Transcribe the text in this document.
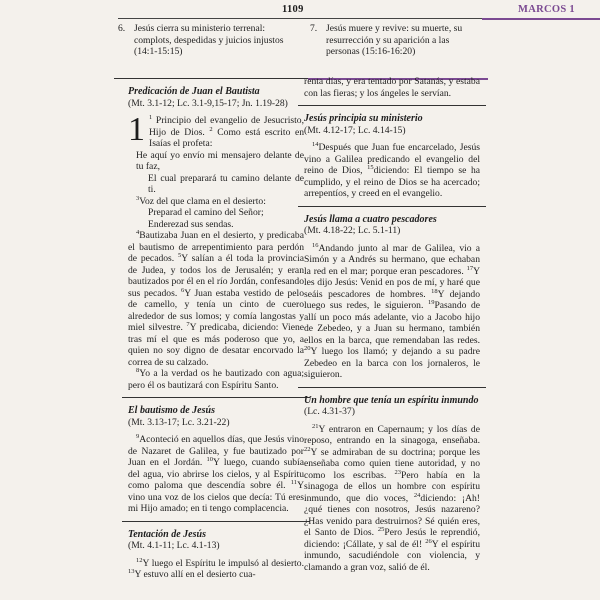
1109	MARCOS 1
6. Jesús cierra su ministerio terrenal: complots, despedidas y juicios injustos (14:1-15:15)
7. Jesús muere y revive: su muerte, su resurrección y su aparición a las personas (15:16-16:20)
Predicación de Juan el Bautista
(Mt. 3.1-12; Lc. 3.1-9,15-17; Jn. 1.19-28)

1 $^1$ Principio del evangelio de Jesucristo, Hijo de Dios. $^2$ Como está escrito en Isaías el profeta:

He aquí yo envío mi mensajero delante de tu faz,

El cual preparará tu camino delante de ti.

$^3$Voz del que clama en el desierto:

Preparad el camino del Señor;

Enderezad sus sendas.

$^4$Bautizaba Juan en el desierto, y predicaba el bautismo de arrepentimiento para perdón de pecados. $^5$Y salían a él toda la provincia de Judea, y todos los de Jerusalén; y eran bautizados por él en el río Jordán, confesando sus pecados. $^6$Y Juan estaba vestido de pelo de camello, y tenía un cinto de cuero alrededor de sus lomos; y comía langostas y miel silvestre. $^7$Y predicaba, diciendo: Viene tras mí el que es más poderoso que yo, a quien no soy digno de desatar encorvado la correa de su calzado.

$^8$Yo a la verdad os he bautizado con agua; pero él os bautizará con Espíritu Santo.

El bautismo de Jesús
(Mt. 3.13-17; Lc. 3.21-22)

$^9$Aconteció en aquellos días, que Jesús vino de Nazaret de Galilea, y fue bautizado por Juan en el Jordán. $^{10}$Y luego, cuando subía del agua, vio abrirse los cielos, y al Espíritu como paloma que descendía sobre él. $^{11}$Y vino una voz de los cielos que decía: Tú eres mi Hijo amado; en ti tengo complacencia.

Tentación de Jesús
(Mt. 4.1-11; Lc. 4.1-13)

$^{12}$Y luego el Espíritu le impulsó al desierto. $^{13}$Y estuvo allí en el desierto cua-

renta días, y era tentado por Satanás, y estaba con las fieras; y los ángeles le servían.

Jesús principia su ministerio
(Mt. 4.12-17; Lc. 4.14-15)

$^{14}$Después que Juan fue encarcelado, Jesús vino a Galilea predicando el evangelio del reino de Dios, $^{15}$diciendo: El tiempo se ha cumplido, y el reino de Dios se ha acercado; arrepentíos, y creed en el evangelio.

Jesús llama a cuatro pescadores
(Mt. 4.18-22; Lc. 5.1-11)

$^{16}$Andando junto al mar de Galilea, vio a Simón y a Andrés su hermano, que echaban la red en el mar; porque eran pescadores. $^{17}$Y les dijo Jesús: Venid en pos de mí, y haré que seáis pescadores de hombres. $^{18}$Y dejando luego sus redes, le siguieron. $^{19}$Pasando de allí un poco más adelante, vio a Jacobo hijo de Zebedeo, y a Juan su hermano, también ellos en la barca, que remendaban las redes. $^{20}$Y luego los llamó; y dejando a su padre Zebedeo en la barca con los jornaleros, le siguieron.

Un hombre que tenía un espíritu inmundo
(Lc. 4.31-37)

$^{21}$Y entraron en Capernaum; y los días de reposo, entrando en la sinagoga, enseñaba. $^{22}$Y se admiraban de su doctrina; porque les enseñaba como quien tiene autoridad, y no como los escribas. $^{23}$Pero había en la sinagoga de ellos un hombre con espíritu inmundo, que dio voces, $^{24}$diciendo: ¡Ah! ¿qué tienes con nosotros, Jesús nazareno? ¿Has venido para destruirnos? Sé quién eres, el Santo de Dios. $^{25}$Pero Jesús le reprendió, diciendo: ¡Cállate, y sal de él! $^{26}$Y el espíritu inmundo, sacudiéndole con violencia, y clamando a gran voz, salió de él.
